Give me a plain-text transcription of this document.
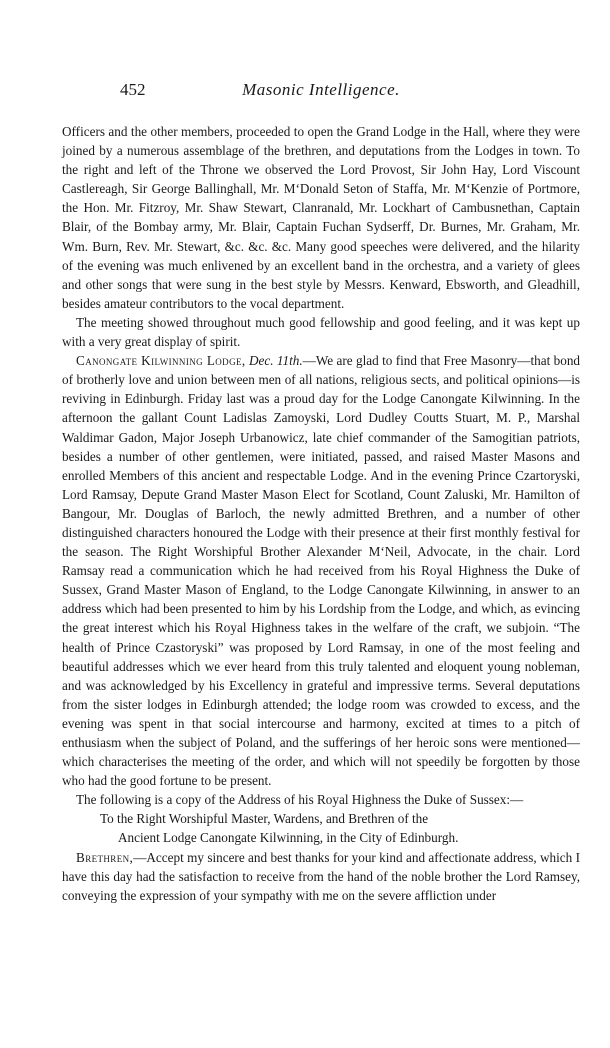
452	Masonic Intelligence.

Officers and the other members, proceeded to open the Grand Lodge in the Hall, where they were joined by a numerous assemblage of the brethren, and deputations from the Lodges in town. To the right and left of the Throne we observed the Lord Provost, Sir John Hay, Lord Viscount Castlereagh, Sir George Ballinghall, Mr. M‘Donald Seton of Staffa, Mr. M‘Kenzie of Portmore, the Hon. Mr. Fitzroy, Mr. Shaw Stewart, Clanranald, Mr. Lockhart of Cambusnethan, Captain Blair, of the Bombay army, Mr. Blair, Captain Fuchan Sydserff, Dr. Burnes, Mr. Graham, Mr. Wm. Burn, Rev. Mr. Stewart, &c. &c. &c. Many good speeches were delivered, and the hilarity of the evening was much enlivened by an excellent band in the orchestra, and a variety of glees and other songs that were sung in the best style by Messrs. Kenward, Ebsworth, and Gleadhill, besides amateur contributors to the vocal department.

The meeting showed throughout much good fellowship and good feeling, and it was kept up with a very great display of spirit.

Canongate Kilwinning Lodge, Dec. 11th.—We are glad to find that Free Masonry—that bond of brotherly love and union between men of all nations, religious sects, and political opinions—is reviving in Edinburgh. Friday last was a proud day for the Lodge Canongate Kilwinning. In the afternoon the gallant Count Ladislas Zamoyski, Lord Dudley Coutts Stuart, M. P., Marshal Waldimar Gadon, Major Joseph Urbanowicz, late chief commander of the Samogitian patriots, besides a number of other gentlemen, were initiated, passed, and raised Master Masons and enrolled Members of this ancient and respectable Lodge. And in the evening Prince Czartoryski, Lord Ramsay, Depute Grand Master Mason Elect for Scotland, Count Zaluski, Mr. Hamilton of Bangour, Mr. Douglas of Barloch, the newly admitted Brethren, and a number of other distinguished characters honoured the Lodge with their presence at their first monthly festival for the season. The Right Worshipful Brother Alexander M‘Neil, Advocate, in the chair. Lord Ramsay read a communication which he had received from his Royal Highness the Duke of Sussex, Grand Master Mason of England, to the Lodge Canongate Kilwinning, in answer to an address which had been presented to him by his Lordship from the Lodge, and which, as evincing the great interest which his Royal Highness takes in the welfare of the craft, we subjoin. “The health of Prince Czastoryski” was proposed by Lord Ramsay, in one of the most feeling and beautiful addresses which we ever heard from this truly talented and eloquent young nobleman, and was acknowledged by his Excellency in grateful and impressive terms. Several deputations from the sister lodges in Edinburgh attended; the lodge room was crowded to excess, and the evening was spent in that social intercourse and harmony, excited at times to a pitch of enthusiasm when the subject of Poland, and the sufferings of her heroic sons were mentioned—which characterises the meeting of the order, and which will not speedily be forgotten by those who had the good fortune to be present.

The following is a copy of the Address of his Royal Highness the Duke of Sussex:—

To the Right Worshipful Master, Wardens, and Brethren of the
Ancient Lodge Canongate Kilwinning, in the City of Edinburgh.

Brethren,—Accept my sincere and best thanks for your kind and affectionate address, which I have this day had the satisfaction to receive from the hand of the noble brother the Lord Ramsey, conveying the expression of your sympathy with me on the severe affliction under
